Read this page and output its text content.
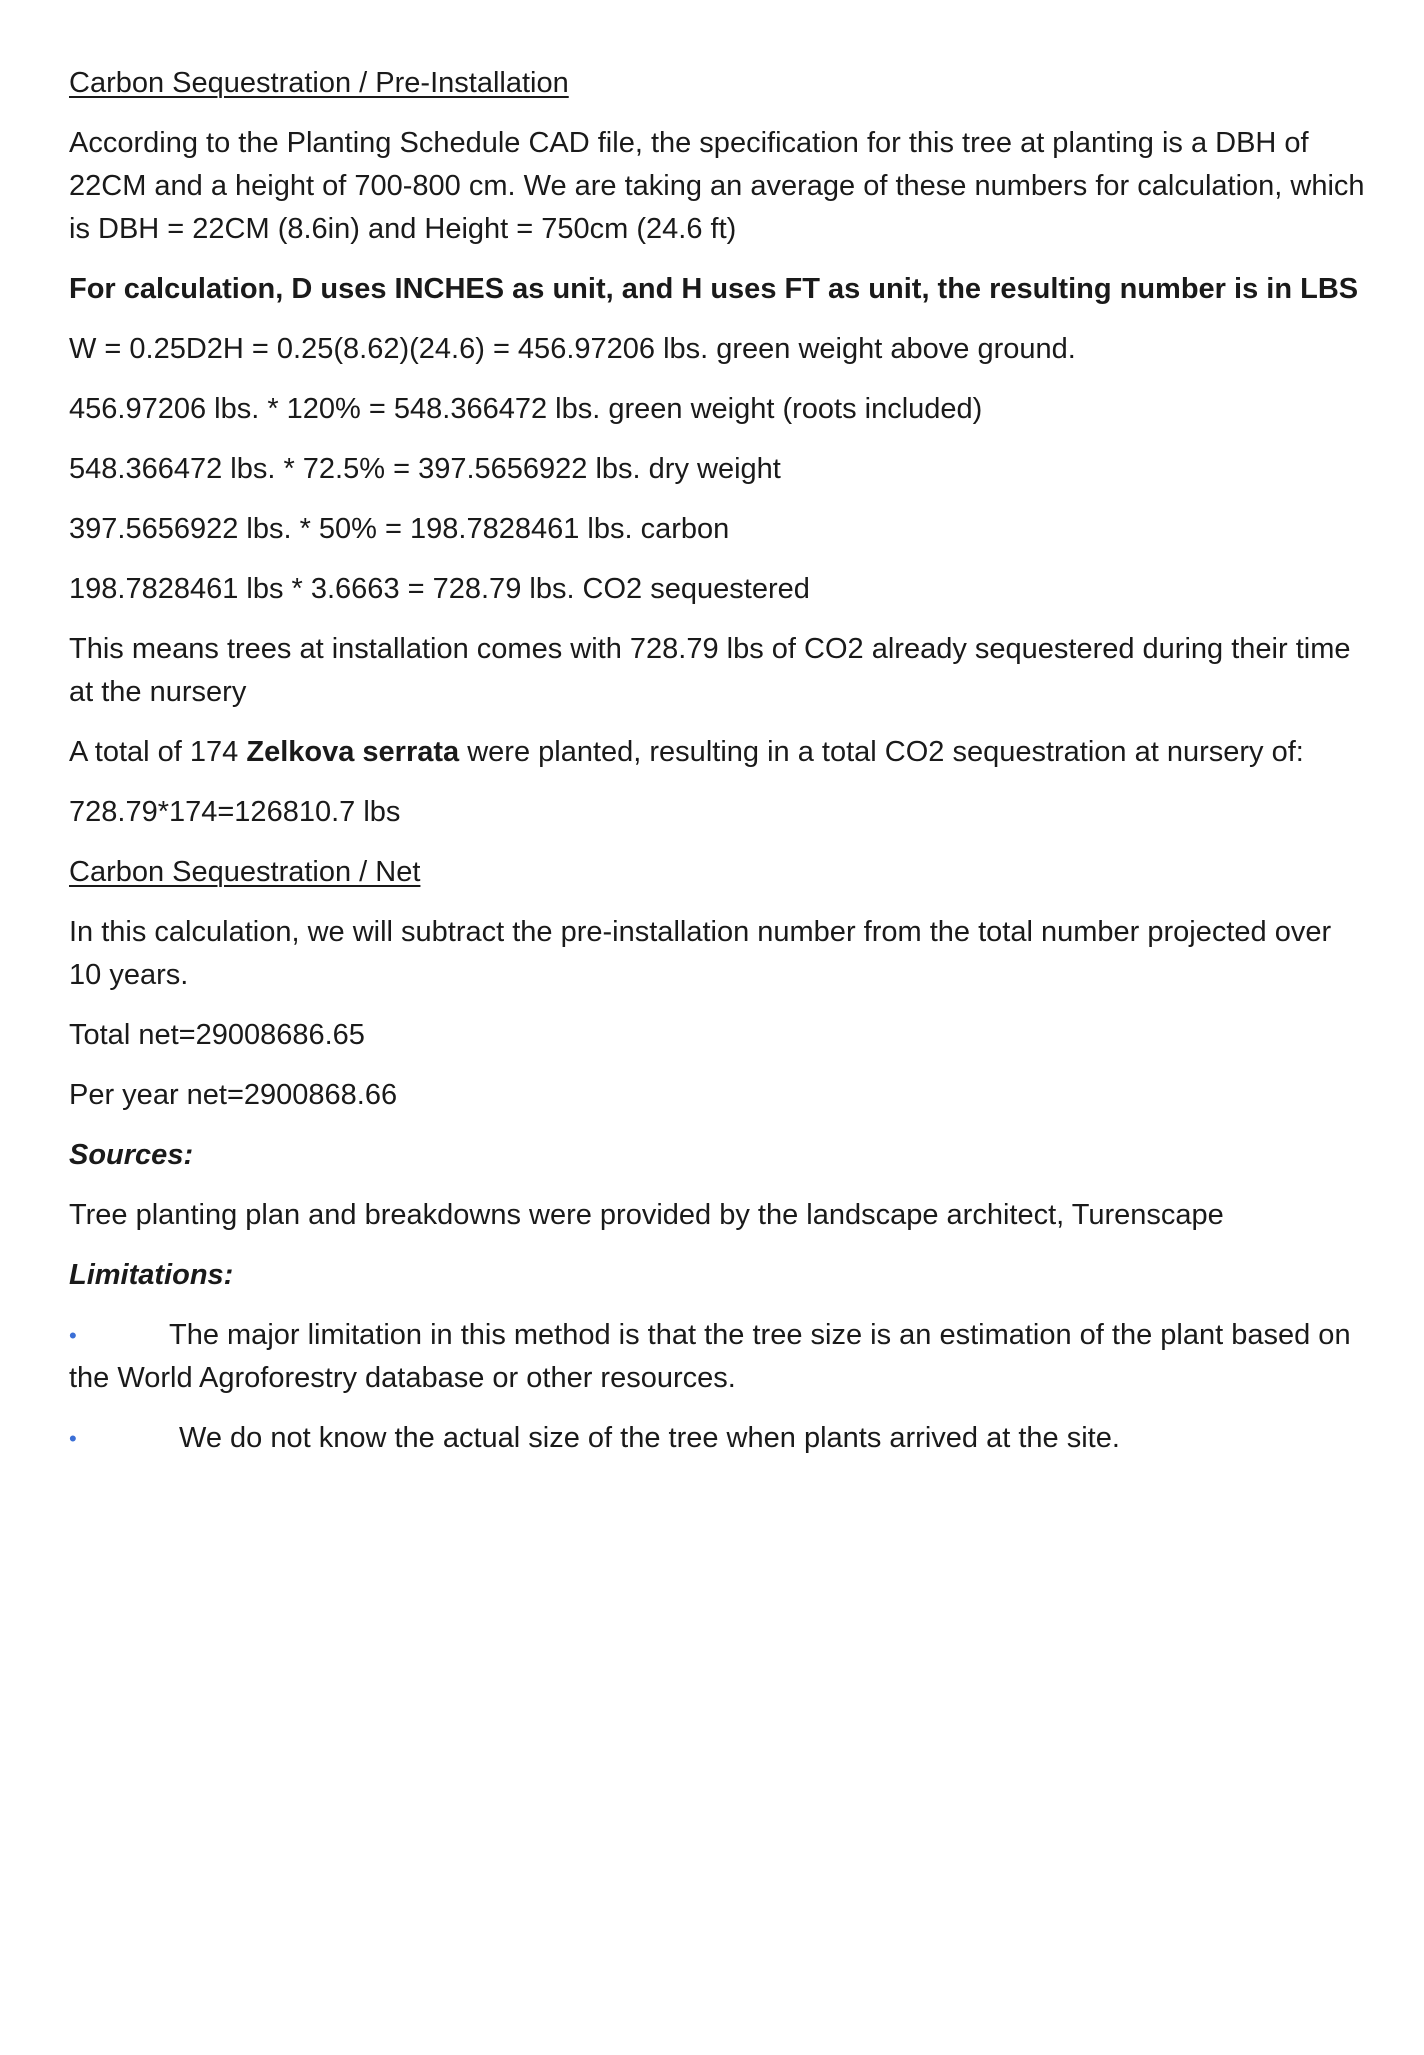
Carbon Sequestration / Pre-Installation

According to the Planting Schedule CAD file, the specification for this tree at planting is a DBH of 22CM and a height of 700-800 cm. We are taking an average of these numbers for calculation, which is DBH = 22CM (8.6in) and Height = 750cm (24.6 ft)

For calculation, D uses INCHES as unit, and H uses FT as unit, the resulting number is in LBS

W = 0.25D2H = 0.25(8.62)(24.6) = 456.97206 lbs. green weight above ground.

456.97206 lbs. * 120% = 548.366472 lbs. green weight (roots included)

548.366472 lbs. * 72.5% = 397.5656922 lbs. dry weight

397.5656922 lbs. * 50% = 198.7828461 lbs. carbon

198.7828461 lbs * 3.6663 = 728.79 lbs. CO2 sequestered

This means trees at installation comes with 728.79 lbs of CO2 already sequestered during their time at the nursery

A total of 174 Zelkova serrata were planted, resulting in a total CO2 sequestration at nursery of:

728.79*174=126810.7 lbs

Carbon Sequestration / Net

In this calculation, we will subtract the pre-installation number from the total number projected over 10 years.

Total net=29008686.65

Per year net=2900868.66

Sources:

Tree planting plan and breakdowns were provided by the landscape architect, Turenscape

Limitations:

•	The major limitation in this method is that the tree size is an estimation of the plant based on the World Agroforestry database or other resources.
•	We do not know the actual size of the tree when plants arrived at the site.
